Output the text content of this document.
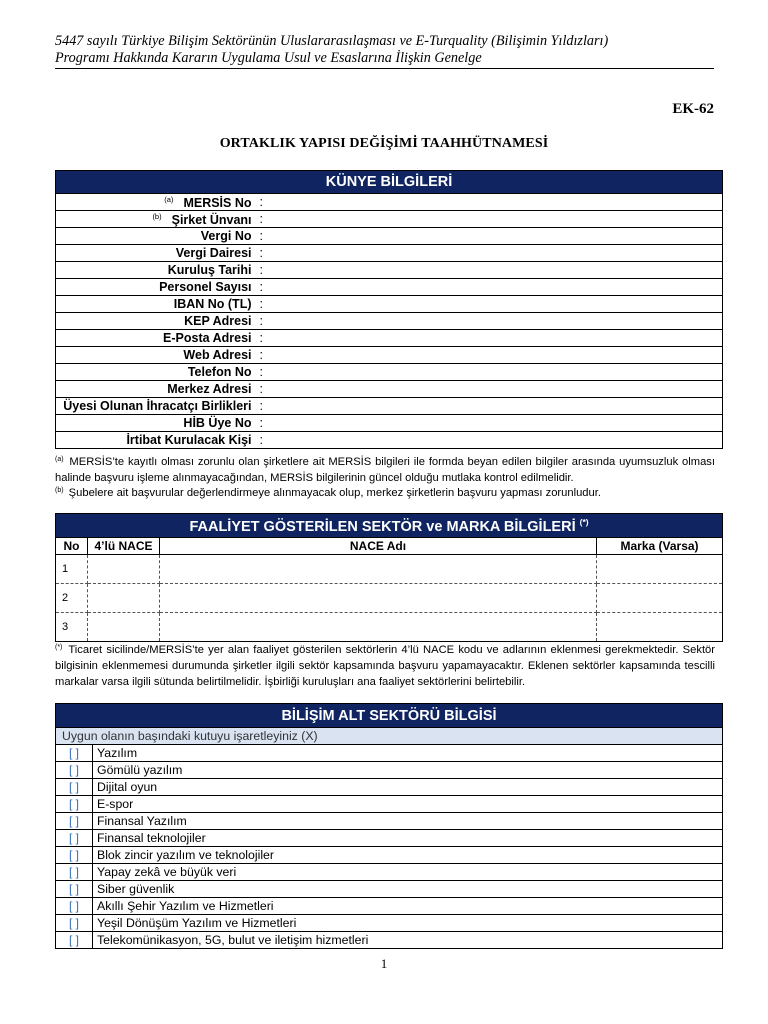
5447 sayılı Türkiye Bilişim Sektörünün Uluslararasılaşması ve E-Turquality (Bilişimin Yıldızları)
Programı Hakkında Kararın Uygulama Usul ve Esaslarına İlişkin Genelge
EK-62
ORTAKLIK YAPISI DEĞİŞİMİ TAAHHÜTNAMESİ
KÜNYE BİLGİLERİ	
$^{(a)}$ MERSİS No	:
$^{(b)}$ Şirket Ünvanı	:
Vergi No	:
Vergi Dairesi	:
Kuruluş Tarihi	:
Personel Sayısı	:
IBAN No (TL)	:
KEP Adresi	:
E-Posta Adresi	:
Web Adresi	:
Telefon No	:
Merkez Adresi	:
Üyesi Olunan İhracatçı Birlikleri	:
HİB Üye No	:
İrtibat Kurulacak Kişi	:
$^{(a)}$ MERSİS’te kayıtlı olması zorunlu olan şirketlere ait MERSİS bilgileri ile formda beyan edilen bilgiler arasında uyumsuzluk olması halinde başvuru işleme alınmayacağından, MERSİS bilgilerinin güncel olduğu mutlaka kontrol edilmelidir.
$^{(b)}$ Şubelere ait başvurular değerlendirmeye alınmayacak olup, merkez şirketlerin başvuru yapması zorunludur.
FAALİYET GÖSTERİLEN SEKTÖR ve MARKA BİLGİLERİ (*)
No	4’lü NACE	NACE Adı	Marka (Varsa)
1			
2			
3			
(*) Ticaret sicilinde/MERSİS’te yer alan faaliyet gösterilen sektörlerin 4’lü NACE kodu ve adlarının eklenmesi gerekmektedir. Sektör bilgisinin eklenmemesi durumunda şirketler ilgili sektör kapsamında başvuru yapamayacaktır. Eklenen sektörler kapsamında tescilli markalar varsa ilgili sütunda belirtilmelidir. İşbirliği kuruluşları ana faaliyet sektörlerini belirtebilir.
BİLİŞİM ALT SEKTÖRÜ BİLGİSİ	
Uygun olanın başındaki kutuyu işaretleyiniz (X)	
[ ]	Yazılım
[ ]	Gömülü yazılım
[ ]	Dijital oyun
[ ]	E-spor
[ ]	Finansal Yazılım
[ ]	Finansal teknolojiler
[ ]	Blok zincir yazılım ve teknolojiler
[ ]	Yapay zekâ ve büyük veri
[ ]	Siber güvenlik
[ ]	Akıllı Şehir Yazılım ve Hizmetleri
[ ]	Yeşil Dönüşüm Yazılım ve Hizmetleri
[ ]	Telekomünikasyon, 5G, bulut ve iletişim hizmetleri
1
